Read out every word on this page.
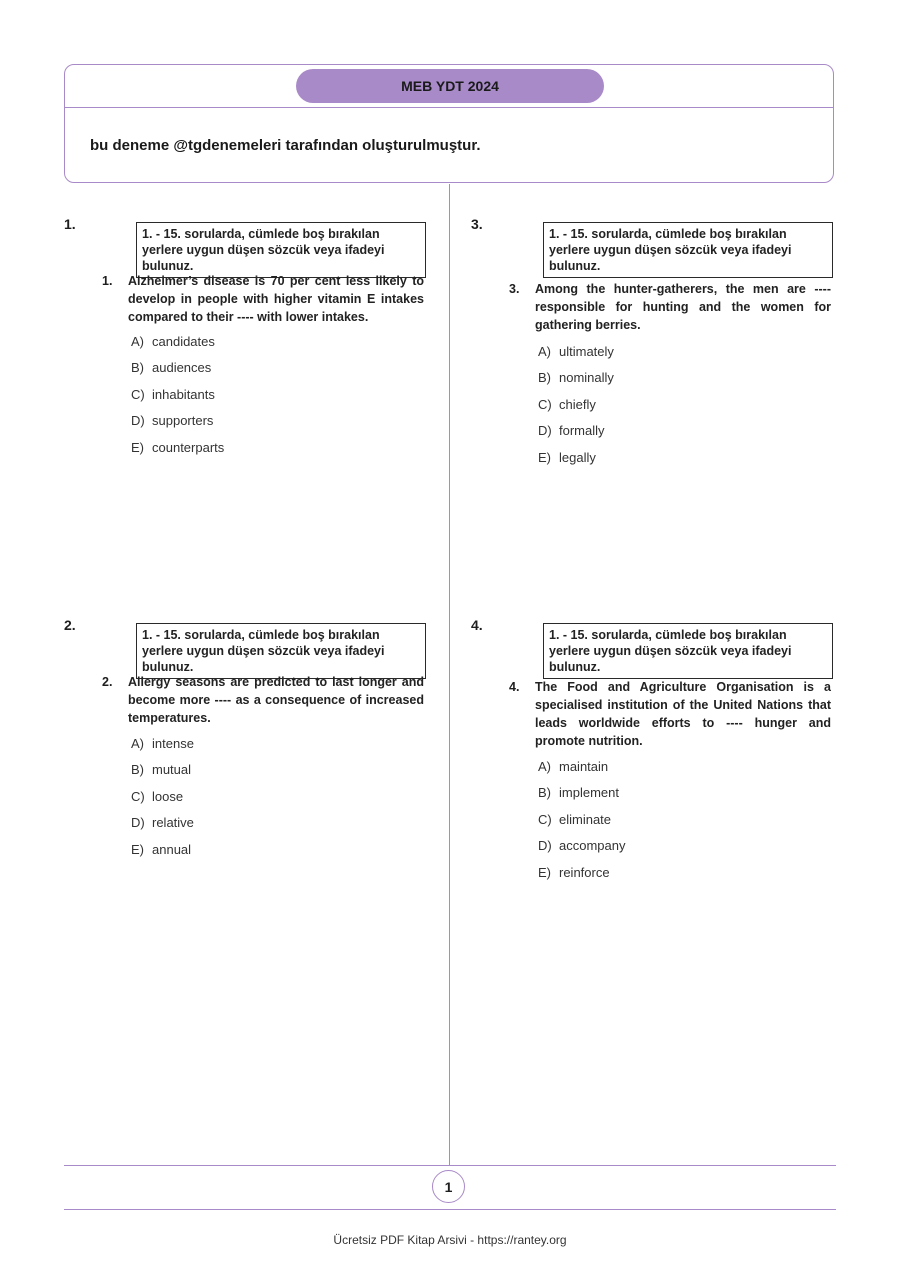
MEB YDT 2024
bu deneme @tgdenemeleri tarafından oluşturulmuştur.
1.
1. - 15. sorularda, cümlede boş bırakılan yerlere uygun düşen sözcük veya ifadeyi bulunuz.
1. Alzheimer’s disease is 70 per cent less likely to develop in people with higher vitamin E intakes compared to their ---- with lower intakes.
A) candidates
B) audiences
C) inhabitants
D) supporters
E) counterparts
2.
1. - 15. sorularda, cümlede boş bırakılan yerlere uygun düşen sözcük veya ifadeyi bulunuz.
2. Allergy seasons are predicted to last longer and become more ---- as a consequence of increased temperatures.
A) intense
B) mutual
C) loose
D) relative
E) annual
3.
1. - 15. sorularda, cümlede boş bırakılan yerlere uygun düşen sözcük veya ifadeyi bulunuz.
3. Among the hunter-gatherers, the men are ---- responsible for hunting and the women for gathering berries.
A) ultimately
B) nominally
C) chiefly
D) formally
E) legally
4.
1. - 15. sorularda, cümlede boş bırakılan yerlere uygun düşen sözcük veya ifadeyi bulunuz.
4. The Food and Agriculture Organisation is a specialised institution of the United Nations that leads worldwide efforts to ---- hunger and promote nutrition.
A) maintain
B) implement
C) eliminate
D) accompany
E) reinforce
1
Ücretsiz PDF Kitap Arsivi - https://rantey.org
